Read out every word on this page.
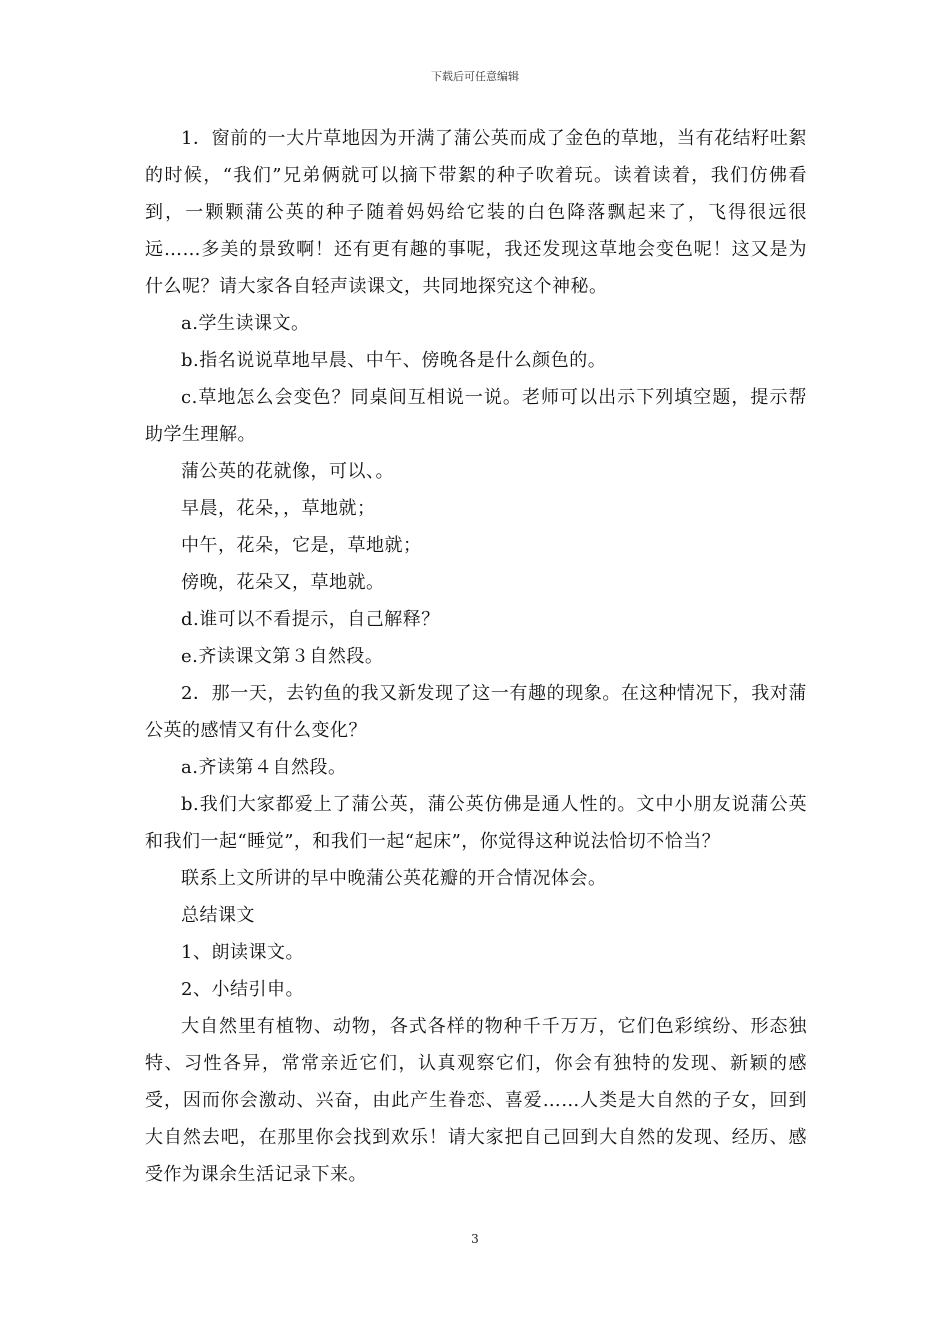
下载后可任意编辑

1．窗前的一大片草地因为开满了蒲公英而成了金色的草地，当有花结籽吐絮的时候，“我们”兄弟俩就可以摘下带絮的种子吹着玩。读着读着，我们仿佛看到，一颗颗蒲公英的种子随着妈妈给它装的白色降落飘起来了，飞得很远很远……多美的景致啊！还有更有趣的事呢，我还发现这草地会变色呢！这又是为什么呢？请大家各自轻声读课文，共同地探究这个神秘。

a.学生读课文。

b.指名说说草地早晨、中午、傍晚各是什么颜色的。

c.草地怎么会变色？同桌间互相说一说。老师可以出示下列填空题，提示帮助学生理解。

蒲公英的花就像，可以、。

早晨，花朵，，草地就；

中午，花朵，它是，草地就；

傍晚，花朵又，草地就。

d.谁可以不看提示，自己解释？

e.齐读课文第３自然段。

2．那一天，去钓鱼的我又新发现了这一有趣的现象。在这种情况下，我对蒲公英的感情又有什么变化？

a.齐读第４自然段。

b.我们大家都爱上了蒲公英，蒲公英仿佛是通人性的。文中小朋友说蒲公英和我们一起“睡觉”，和我们一起“起床”，你觉得这种说法恰切不恰当？

联系上文所讲的早中晚蒲公英花瓣的开合情况体会。

总结课文

1、朗读课文。

2、小结引申。

大自然里有植物、动物，各式各样的物种千千万万，它们色彩缤纷、形态独特、习性各异，常常亲近它们，认真观察它们，你会有独特的发现、新颖的感受，因而你会激动、兴奋，由此产生眷恋、喜爱……人类是大自然的子女，回到大自然去吧，在那里你会找到欢乐！请大家把自己回到大自然的发现、经历、感受作为课余生活记录下来。

3
